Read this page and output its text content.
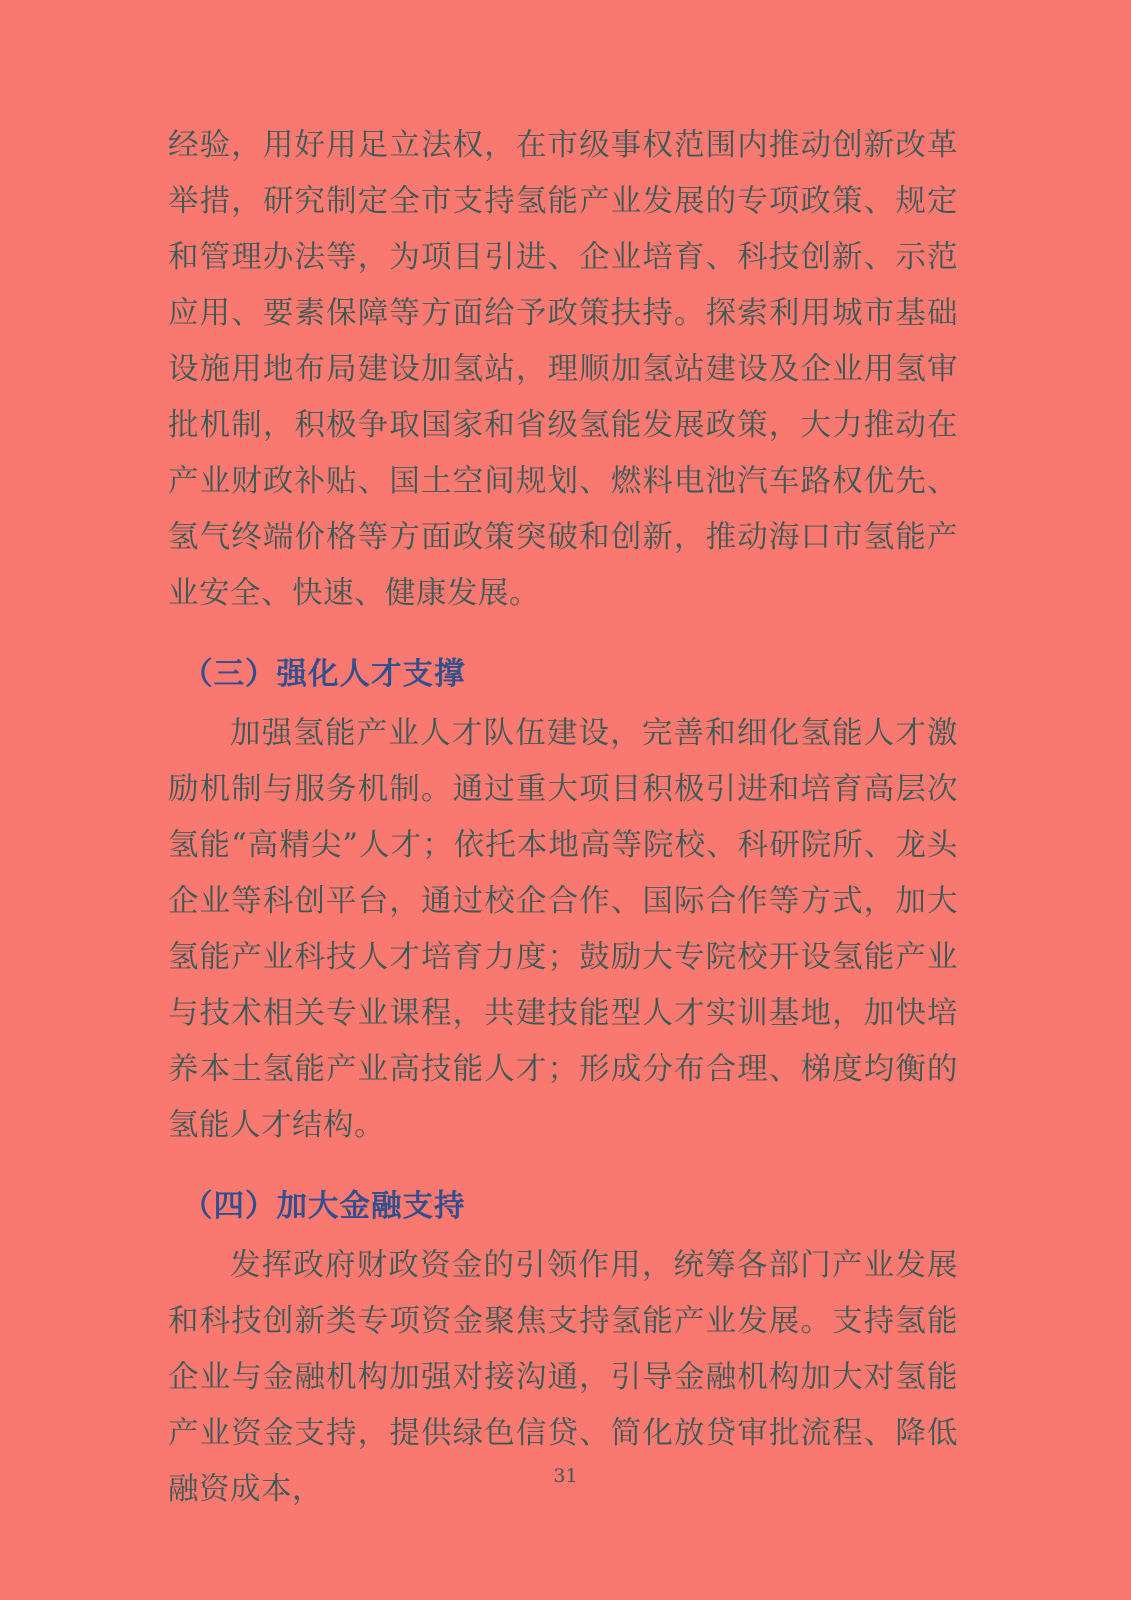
经验，用好用足立法权，在市级事权范围内推动创新改革举措，研究制定全市支持氢能产业发展的专项政策、规定和管理办法等，为项目引进、企业培育、科技创新、示范应用、要素保障等方面给予政策扶持。探索利用城市基础设施用地布局建设加氢站，理顺加氢站建设及企业用氢审批机制，积极争取国家和省级氢能发展政策，大力推动在产业财政补贴、国土空间规划、燃料电池汽车路权优先、氢气终端价格等方面政策突破和创新，推动海口市氢能产业安全、快速、健康发展。

（三）强化人才支撑

加强氢能产业人才队伍建设，完善和细化氢能人才激励机制与服务机制。通过重大项目积极引进和培育高层次氢能“高精尖”人才；依托本地高等院校、科研院所、龙头企业等科创平台，通过校企合作、国际合作等方式，加大氢能产业科技人才培育力度；鼓励大专院校开设氢能产业与技术相关专业课程，共建技能型人才实训基地，加快培养本土氢能产业高技能人才；形成分布合理、梯度均衡的氢能人才结构。

（四）加大金融支持

发挥政府财政资金的引领作用，统筹各部门产业发展和科技创新类专项资金聚焦支持氢能产业发展。支持氢能企业与金融机构加强对接沟通，引导金融机构加大对氢能产业资金支持，提供绿色信贷、简化放贷审批流程、降低融资成本，	31
